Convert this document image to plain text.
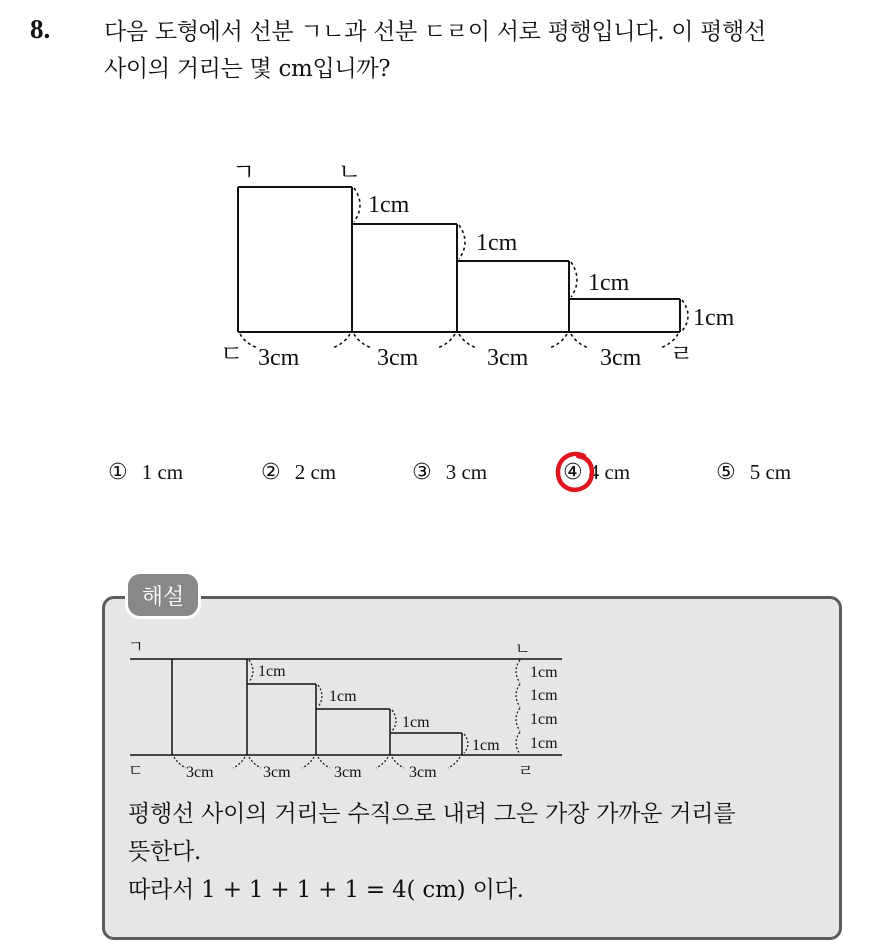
8. 다음 도형에서 선분 ㄱㄴ과 선분 ㄷㄹ이 서로 평행입니다. 이 평행선
사이의 거리는 몇 cm입니까?
ㄱ	ㄴ
ㄷ	ㄹ
1cm
1cm
1cm
1cm
3cm	3cm	3cm	3cm
① 1 cm	② 2 cm	③ 3 cm	④ 4 cm	⑤ 5 cm
해설
ㄱ	ㄴ
ㄷ	ㄹ
1cm
1cm
1cm
1cm
1cm
1cm
1cm
1cm
3cm	3cm	3cm	3cm
평행선 사이의 거리는 수직으로 내려 그은 가장 가까운 거리를
뜻한다.
따라서 1 + 1 + 1 + 1 = 4( cm) 이다.
